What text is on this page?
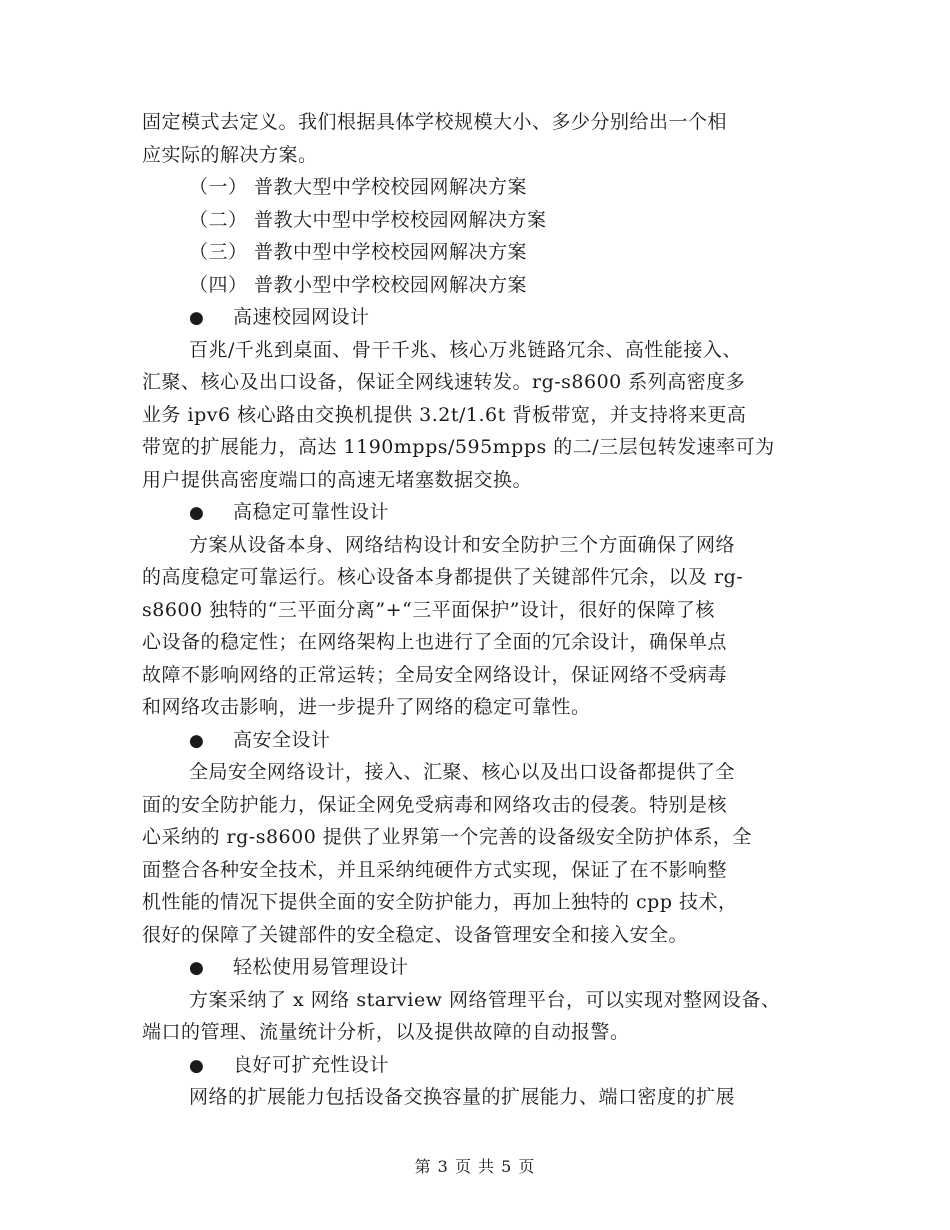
固定模式去定义。我们根据具体学校规模大小、多少分别给出一个相
应实际的解决方案。
（一） 普教大型中学校校园网解决方案
（二） 普教大中型中学校校园网解决方案
（三） 普教中型中学校校园网解决方案
（四） 普教小型中学校校园网解决方案
● 高速校园网设计
百兆/千兆到桌面、骨干千兆、核心万兆链路冗余、高性能接入、
汇聚、核心及出口设备，保证全网线速转发。rg-s8600 系列高密度多
业务 ipv6 核心路由交换机提供 3.2t/1.6t 背板带宽，并支持将来更高
带宽的扩展能力，高达 1190mpps/595mpps 的二/三层包转发速率可为
用户提供高密度端口的高速无堵塞数据交换。
● 高稳定可靠性设计
方案从设备本身、网络结构设计和安全防护三个方面确保了网络
的高度稳定可靠运行。核心设备本身都提供了关键部件冗余，以及 rg-
s8600 独特的“三平面分离”+“三平面保护”设计，很好的保障了核
心设备的稳定性；在网络架构上也进行了全面的冗余设计，确保单点
故障不影响网络的正常运转；全局安全网络设计，保证网络不受病毒
和网络攻击影响，进一步提升了网络的稳定可靠性。
● 高安全设计
全局安全网络设计，接入、汇聚、核心以及出口设备都提供了全
面的安全防护能力，保证全网免受病毒和网络攻击的侵袭。特别是核
心采纳的 rg-s8600 提供了业界第一个完善的设备级安全防护体系，全
面整合各种安全技术，并且采纳纯硬件方式实现，保证了在不影响整
机性能的情况下提供全面的安全防护能力，再加上独特的 cpp 技术，
很好的保障了关键部件的安全稳定、设备管理安全和接入安全。
● 轻松使用易管理设计
方案采纳了 x 网络 starview 网络管理平台，可以实现对整网设备、
端口的管理、流量统计分析，以及提供故障的自动报警。
● 良好可扩充性设计
网络的扩展能力包括设备交换容量的扩展能力、端口密度的扩展
第 3 页 共 5 页
